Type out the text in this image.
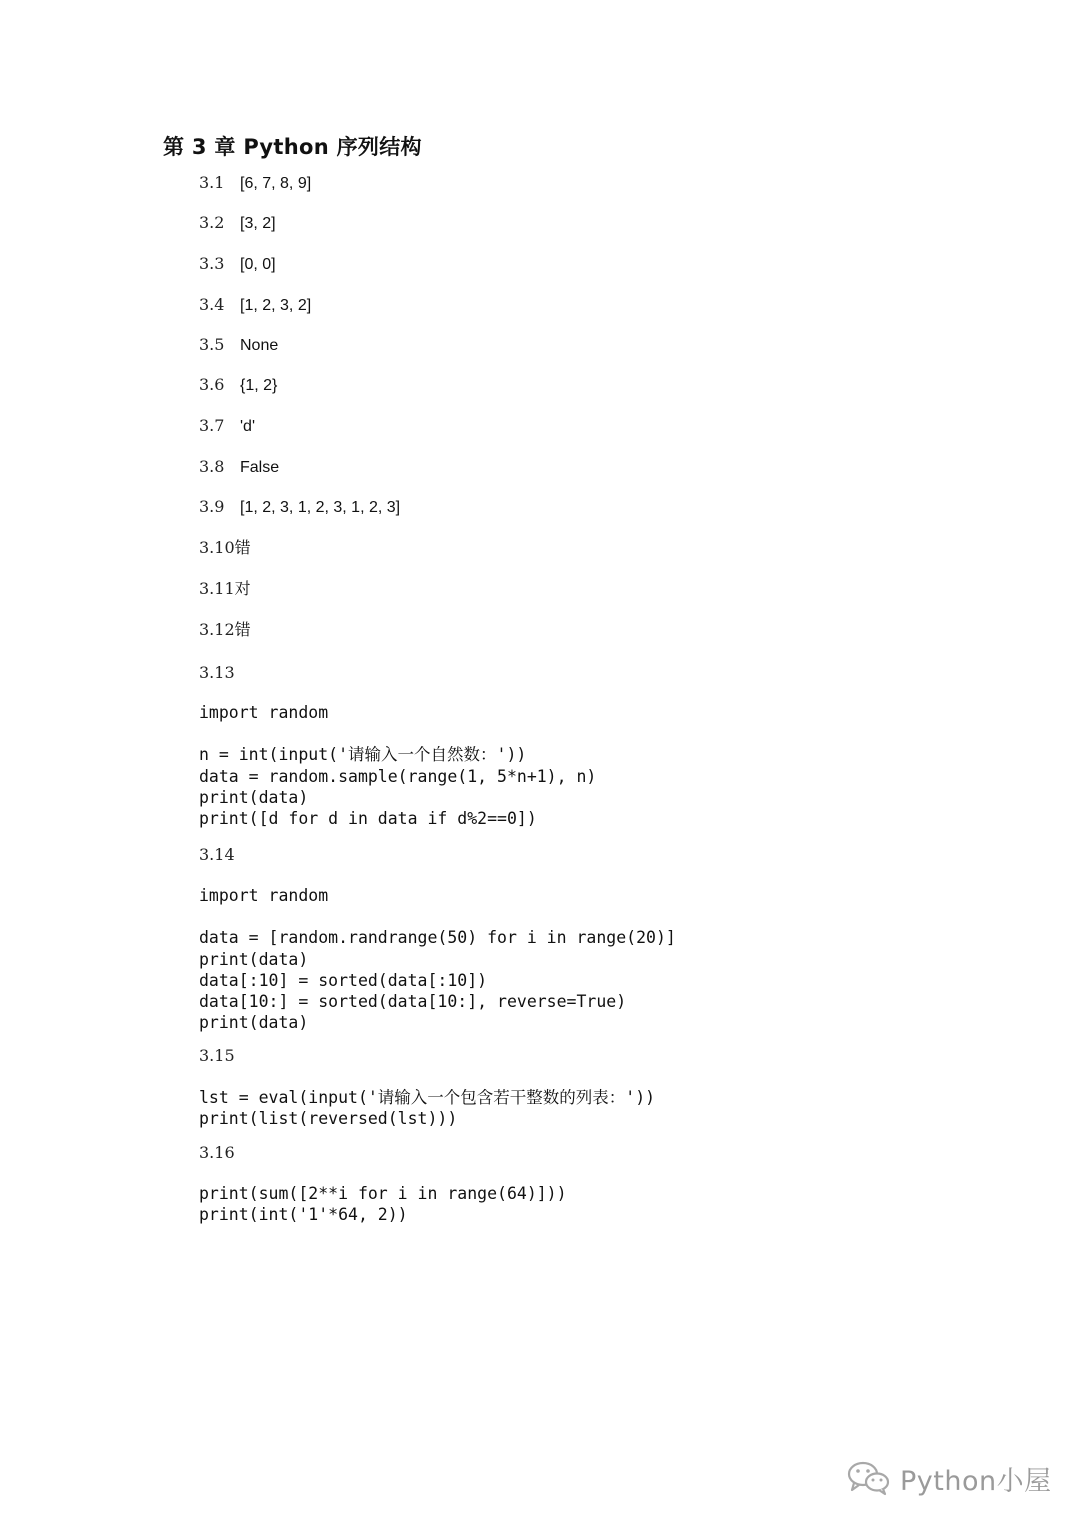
第 3 章 Python 序列结构
3.1 [6, 7, 8, 9]
3.2 [3, 2]
3.3 [0, 0]
3.4 [1, 2, 3, 2]
3.5 None
3.6 {1, 2}
3.7 'd'
3.8 False
3.9 [1, 2, 3, 1, 2, 3, 1, 2, 3]
3.10错
3.11对
3.12错
3.13
import random

n = int(input('请输入一个自然数：'))
data = random.sample(range(1, 5*n+1), n)
print(data)
print([d for d in data if d%2==0])
3.14
import random

data = [random.randrange(50) for i in range(20)]
print(data)
data[:10] = sorted(data[:10])
data[10:] = sorted(data[10:], reverse=True)
print(data)
3.15
lst = eval(input('请输入一个包含若干整数的列表：'))
print(list(reversed(lst)))
3.16
print(sum([2**i for i in range(64)]))
print(int('1'*64, 2))
Python小屋
